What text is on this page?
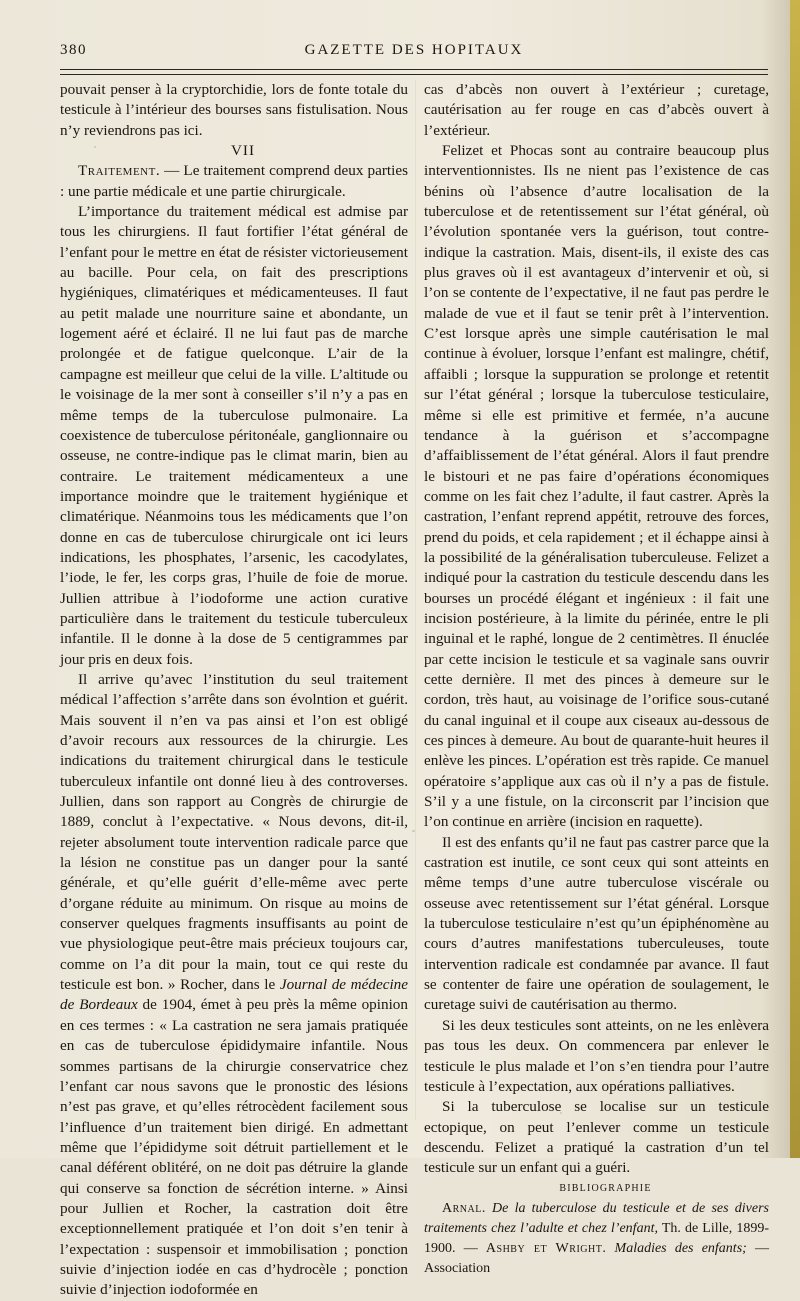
380	GAZETTE DES HOPITAUX

pouvait penser à la cryptorchidie, lors de fonte totale du testicule à l’intérieur des bourses sans fistulisation. Nous n’y reviendrons pas ici.

VII

Traitement. — Le traitement comprend deux parties : une partie médicale et une partie chirurgicale.

L’importance du traitement médical est admise par tous les chirurgiens. Il faut fortifier l’état général de l’enfant pour le mettre en état de résister victorieusement au bacille. Pour cela, on fait des prescriptions hygiéniques, climatériques et médicamenteuses. Il faut au petit malade une nourriture saine et abondante, un logement aéré et éclairé. Il ne lui faut pas de marche prolongée et de fatigue quelconque. L’air de la campagne est meilleur que celui de la ville. L’altitude ou le voisinage de la mer sont à conseiller s’il n’y a pas en même temps de la tuberculose pulmonaire. La coexistence de tuberculose péritonéale, ganglionnaire ou osseuse, ne contre-indique pas le climat marin, bien au contraire. Le traitement médicamenteux a une importance moindre que le traitement hygiénique et climatérique. Néanmoins tous les médicaments que l’on donne en cas de tuberculose chirurgicale ont ici leurs indications, les phosphates, l’arsenic, les cacodylates, l’iode, le fer, les corps gras, l’huile de foie de morue. Jullien attribue à l’iodoforme une action curative particulière dans le traitement du testicule tuberculeux infantile. Il le donne à la dose de 5 centigrammes par jour pris en deux fois.

Il arrive qu’avec l’institution du seul traitement médical l’affection s’arrête dans son évolntion et guérit. Mais souvent il n’en va pas ainsi et l’on est obligé d’avoir recours aux ressources de la chirurgie. Les indications du traitement chirurgical dans le testicule tuberculeux infantile ont donné lieu à des controverses. Jullien, dans son rapport au Congrès de chirurgie de 1889, conclut à l’expectative. « Nous devons, dit-il, rejeter absolument toute intervention radicale parce que la lésion ne constitue pas un danger pour la santé générale, et qu’elle guérit d’elle-même avec perte d’organe réduite au minimum. On risque au moins de conserver quelques fragments insuffisants au point de vue physiologique peut-être mais précieux toujours car, comme on l’a dit pour la main, tout ce qui reste du testicule est bon. » Rocher, dans le Journal de médecine de Bordeaux de 1904, émet à peu près la même opinion en ces termes : « La castration ne sera jamais pratiquée en cas de tuberculose épididymaire infantile. Nous sommes partisans de la chirurgie conservatrice chez l’enfant car nous savons que le pronostic des lésions n’est pas grave, et qu’elles rétrocèdent facilement sous l’influence d’un traitement bien dirigé. En admettant même que l’épididyme soit détruit partiellement et le canal déférent oblitéré, on ne doit pas détruire la glande qui conserve sa fonction de sécrétion interne. » Ainsi pour Jullien et Rocher, la castration doit être exceptionnellement pratiquée et l’on doit s’en tenir à l’expectation : suspensoir et immobilisation ; ponction suivie d’injection iodée en cas d’hydrocèle ; ponction suivie d’injection iodoformée en

cas d’abcès non ouvert à l’extérieur ; curetage, cautérisation au fer rouge en cas d’abcès ouvert à l’extérieur.

Felizet et Phocas sont au contraire beaucoup plus interventionnistes. Ils ne nient pas l’existence de cas bénins où l’absence d’autre localisation de la tuberculose et de retentissement sur l’état général, où l’évolution spontanée vers la guérison, tout contre-indique la castration. Mais, disent-ils, il existe des cas plus graves où il est avantageux d’intervenir et où, si l’on se contente de l’expectative, il ne faut pas perdre le malade de vue et il faut se tenir prêt à l’intervention. C’est lorsque après une simple cautérisation le mal continue à évoluer, lorsque l’enfant est malingre, chétif, affaibli ; lorsque la suppuration se prolonge et retentit sur l’état général ; lorsque la tuberculose testiculaire, même si elle est primitive et fermée, n’a aucune tendance à la guérison et s’accompagne d’affaiblissement de l’état général. Alors il faut prendre le bistouri et ne pas faire d’opérations économiques comme on les fait chez l’adulte, il faut castrer. Après la castration, l’enfant reprend appétit, retrouve des forces, prend du poids, et cela rapidement ; et il échappe ainsi à la possibilité de la généralisation tuberculeuse. Felizet a indiqué pour la castration du testicule descendu dans les bourses un procédé élégant et ingénieux : il fait une incision postérieure, à la limite du périnée, entre le pli inguinal et le raphé, longue de 2 centimètres. Il énuclée par cette incision le testicule et sa vaginale sans ouvrir cette dernière. Il met des pinces à demeure sur le cordon, très haut, au voisinage de l’orifice sous-cutané du canal inguinal et il coupe aux ciseaux au-dessous de ces pinces à demeure. Au bout de quarante-huit heures il enlève les pinces. L’opération est très rapide. Ce manuel opératoire s’applique aux cas où il n’y a pas de fistule. S’il y a une fistule, on la circonscrit par l’incision que l’on continue en arrière (incision en raquette).

Il est des enfants qu’il ne faut pas castrer parce que la castration est inutile, ce sont ceux qui sont atteints en même temps d’une autre tuberculose viscérale ou osseuse avec retentissement sur l’état général. Lorsque la tuberculose testiculaire n’est qu’un épiphénomène au cours d’autres manifestations tuberculeuses, toute intervention radicale est condamnée par avance. Il faut se contenter de faire une opération de soulagement, le curetage suivi de cautérisation au thermo.

Si les deux testicules sont atteints, on ne les enlèvera pas tous les deux. On commencera par enlever le testicule le plus malade et l’on s’en tiendra pour l’autre testicule à l’expectation, aux opérations palliatives.

Si la tuberculose se localise sur un testicule ectopique, on peut l’enlever comme un testicule descendu. Felizet a pratiqué la castration d’un tel testicule sur un enfant qui a guéri.

BIBLIOGRAPHIE

Arnal. De la tuberculose du testicule et de ses divers traitements chez l’adulte et chez l’enfant, Th. de Lille, 1899-1900. — Ashby et Wright. Maladies des enfants; — Association
